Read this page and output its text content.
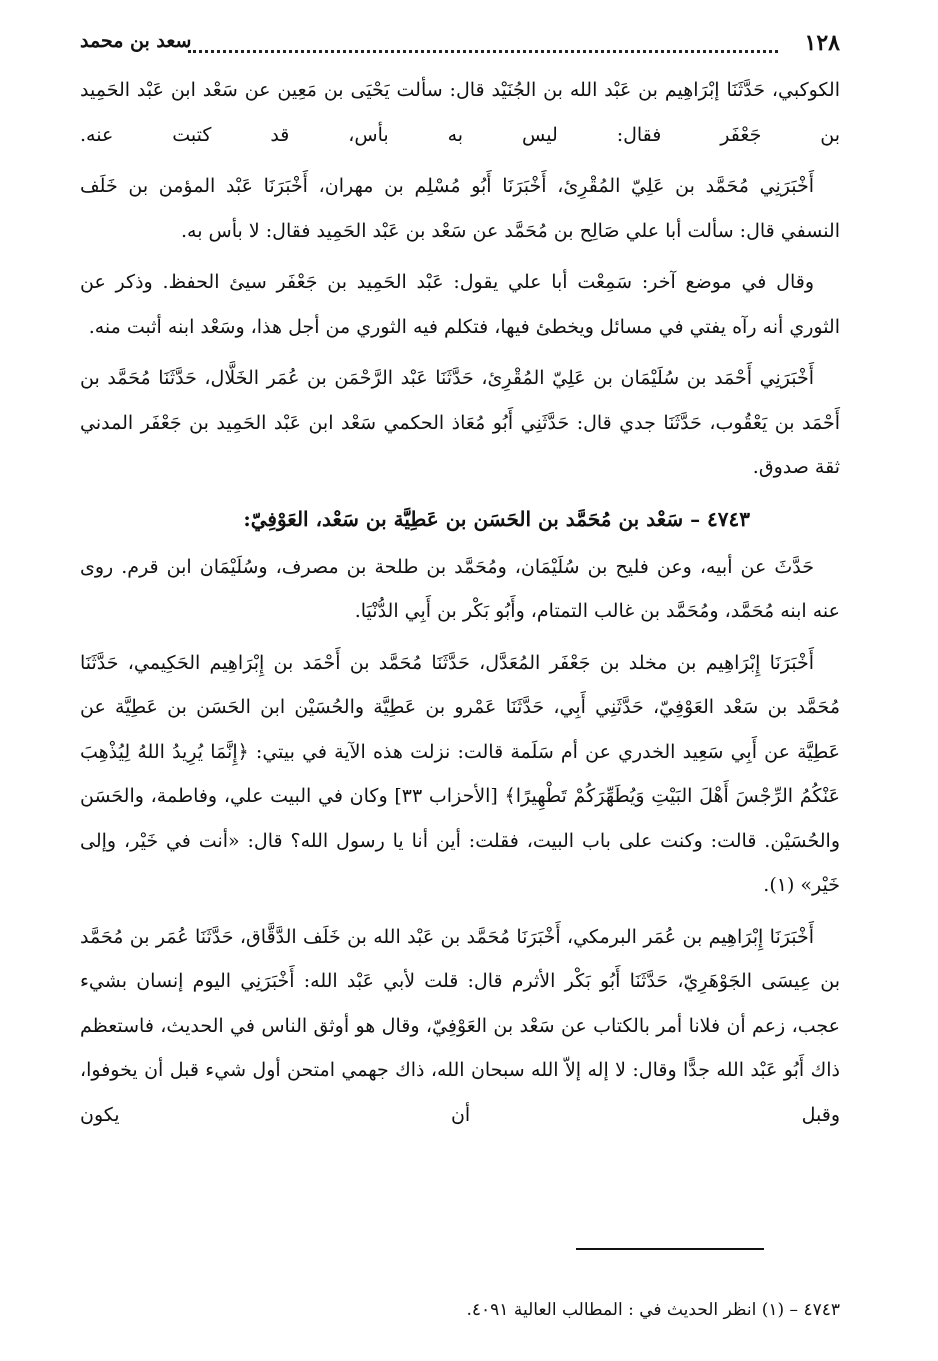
١٢٨
سعد بن محمد

الكوكبي، حَدَّثَنَا إبْرَاهِيم بن عَبْد الله بن الجُنَيْد قال: سألت يَحْيَى بن مَعِين عن سَعْد ابن عَبْد الحَمِيد بن جَعْفَر فقال: ليس به بأس، قد كتبت عنه.

أَخْبَرَنِي مُحَمَّد بن عَلِيّ المُقْرِئ، أَخْبَرَنَا أَبُو مُسْلِم بن مهران، أَخْبَرَنَا عَبْد المؤمن بن خَلَف النسفي قال: سألت أبا علي صَالِح بن مُحَمَّد عن سَعْد بن عَبْد الحَمِيد فقال: لا بأس به.

وقال في موضع آخر: سَمِعْت أبا علي يقول: عَبْد الحَمِيد بن جَعْفَر سيئ الحفظ. وذكر عن الثوري أنه رآه يفتي في مسائل ويخطئ فيها، فتكلم فيه الثوري من أجل هذا، وسَعْد ابنه أثبت منه.

أَخْبَرَنِي أَحْمَد بن سُلَيْمَان بن عَلِيّ المُقْرِئ، حَدَّثَنَا عَبْد الرَّحْمَن بن عُمَر الخَلَّال، حَدَّثَنَا مُحَمَّد بن أَحْمَد بن يَعْقُوب، حَدَّثَنَا جدي قال: حَدَّثَنِي أَبُو مُعَاذ الحكمي سَعْد ابن عَبْد الحَمِيد بن جَعْفَر المدني ثقة صدوق.

٤٧٤٣ – سَعْد بن مُحَمَّد بن الحَسَن بن عَطِيَّة بن سَعْد، العَوْفِيّ:

حَدَّثَ عن أبيه، وعن فليح بن سُلَيْمَان، ومُحَمَّد بن طلحة بن مصرف، وسُلَيْمَان ابن قرم. روى عنه ابنه مُحَمَّد، ومُحَمَّد بن غالب التمتام، وأَبُو بَكْر بن أَبِي الدُّنْيَا.

أَخْبَرَنَا إِبْرَاهِيم بن مخلد بن جَعْفَر المُعَدَّل، حَدَّثَنَا مُحَمَّد بن أَحْمَد بن إِبْرَاهِيم الحَكِيمي، حَدَّثَنَا مُحَمَّد بن سَعْد العَوْفِيّ، حَدَّثَنِي أَبِي، حَدَّثَنَا عَمْرو بن عَطِيَّة والحُسَيْن ابن الحَسَن بن عَطِيَّة عن عَطِيَّة عن أَبِي سَعِيد الخدري عن أم سَلَمة قالت: نزلت هذه الآية في بيتي: ﴿إِنَّمَا يُرِيدُ اللهُ لِيُذْهِبَ عَنْكُمُ الرِّجْسَ أَهْلَ البَيْتِ وَيُطَهِّرَكُمْ تَطْهِيرًا﴾ [الأحزاب ٣٣] وكان في البيت علي، وفاطمة، والحَسَن والحُسَيْن. قالت: وكنت على باب البيت، فقلت: أين أنا يا رسول الله؟ قال: «أنت في خَيْر، وإلى خَيْر» (١).

أَخْبَرَنَا إِبْرَاهِيم بن عُمَر البرمكي، أَخْبَرَنَا مُحَمَّد بن عَبْد الله بن خَلَف الدَّقَّاق، حَدَّثَنَا عُمَر بن مُحَمَّد بن عِيسَى الجَوْهَرِيّ، حَدَّثَنَا أَبُو بَكْر الأثرم قال: قلت لأبي عَبْد الله: أَخْبَرَنِي اليوم إنسان بشيء عجب، زعم أن فلانا أمر بالكتاب عن سَعْد بن العَوْفِيّ، وقال هو أوثق الناس في الحديث، فاستعظم ذاك أَبُو عَبْد الله جدًّا وقال: لا إله إلاّ الله سبحان الله، ذاك جهمي امتحن أول شيء قبل أن يخوفوا، وقبل أن يكون

٤٧٤٣ – (١) انظر الحديث في : المطالب العالية ٤٠٩١.
